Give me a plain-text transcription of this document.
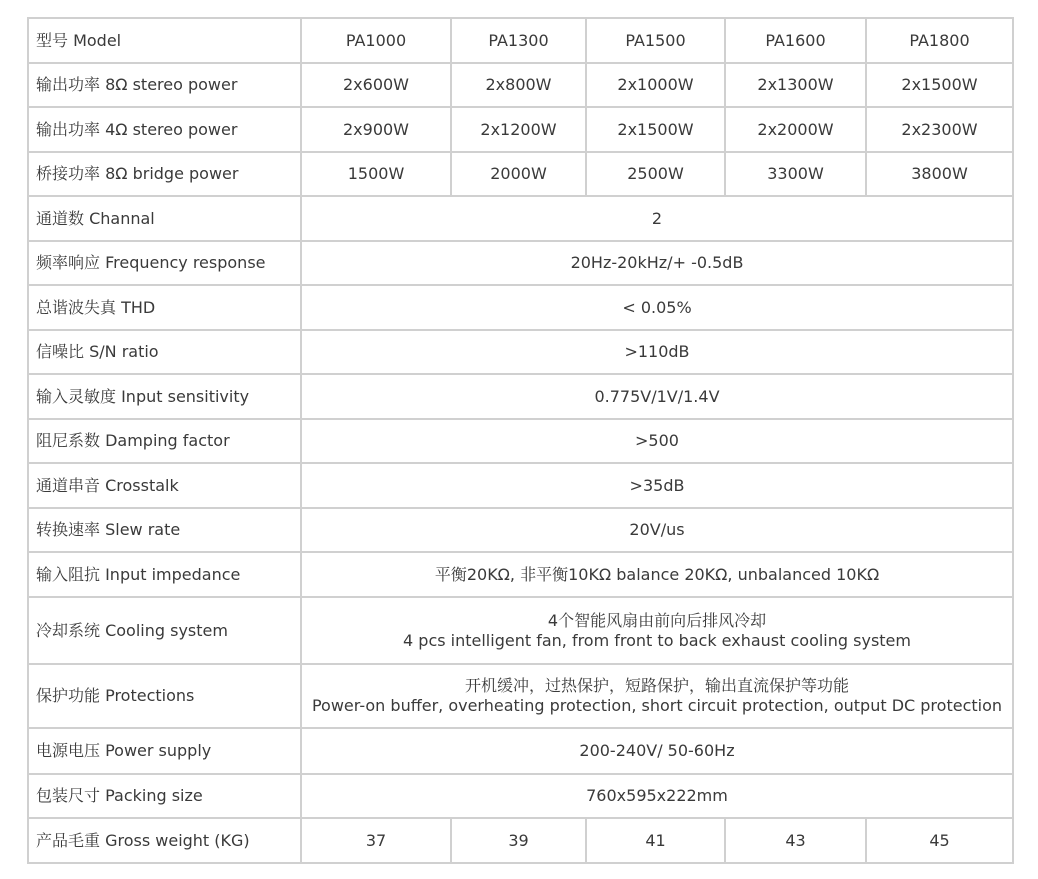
型号 Model	PA1000	PA1300	PA1500	PA1600	PA1800
输出功率 8Ω stereo power	2x600W	2x800W	2x1000W	2x1300W	2x1500W
输出功率 4Ω stereo power	2x900W	2x1200W	2x1500W	2x2000W	2x2300W
桥接功率 8Ω bridge power	1500W	2000W	2500W	3300W	3800W
通道数 Channal	2				
频率响应 Frequency response	20Hz-20kHz/+ -0.5dB				
总谐波失真 THD	< 0.05%				
信噪比 S/N ratio	>110dB				
输入灵敏度 Input sensitivity	0.775V/1V/1.4V				
阻尼系数 Damping factor	>500				
通道串音 Crosstalk	>35dB				
转换速率 Slew rate	20V/us				
输入阻抗 Input impedance	平衡20KΩ, 非平衡10KΩ balance 20KΩ, unbalanced 10KΩ				
冷却系统 Cooling system	4个智能风扇由前向后排风冷却
4 pcs intelligent fan, from front to back exhaust cooling system				

保护功能 Protections	开机缓冲，过热保护，短路保护，输出直流保护等功能
Power-on buffer, overheating protection, short circuit protection, output DC protection				

电源电压 Power supply	200-240V/ 50-60Hz				
包装尺寸 Packing size	760x595x222mm				
产品毛重 Gross weight (KG)	37	39	41	43	45
